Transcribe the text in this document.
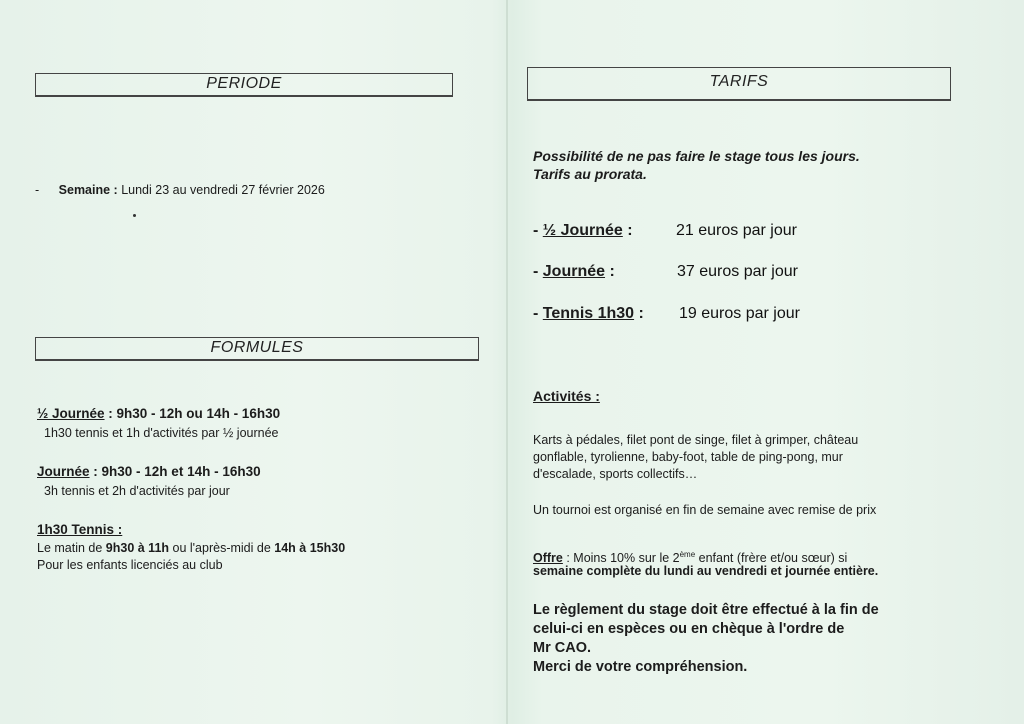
PERIODE
- Semaine : Lundi 23 au vendredi 27 février 2026
FORMULES
½ Journée : 9h30 - 12h ou 14h - 16h30
1h30 tennis et 1h d'activités par ½ journée
Journée : 9h30 - 12h et 14h - 16h30
3h tennis et 2h d'activités par jour
1h30 Tennis :
Le matin de 9h30 à 11h ou l'après-midi de 14h à 15h30
Pour les enfants licenciés au club
TARIFS
Possibilité de ne pas faire le stage tous les jours.
Tarifs au prorata.
- ½ Journée :	21 euros par jour
- Journée :	37 euros par jour
- Tennis 1h30 : 19 euros par jour
Activités :
Karts à pédales, filet pont de singe, filet à grimper, château
gonflable, tyrolienne, baby-foot, table de ping-pong, mur
d'escalade, sports collectifs…
Un tournoi est organisé en fin de semaine avec remise de prix
Offre : Moins 10% sur le 2ème enfant (frère et/ou sœur) si
semaine complète du lundi au vendredi et journée entière.
Le règlement du stage doit être effectué à la fin de
celui-ci en espèces ou en chèque à l'ordre de
Mr CAO.
Merci de votre compréhension.
